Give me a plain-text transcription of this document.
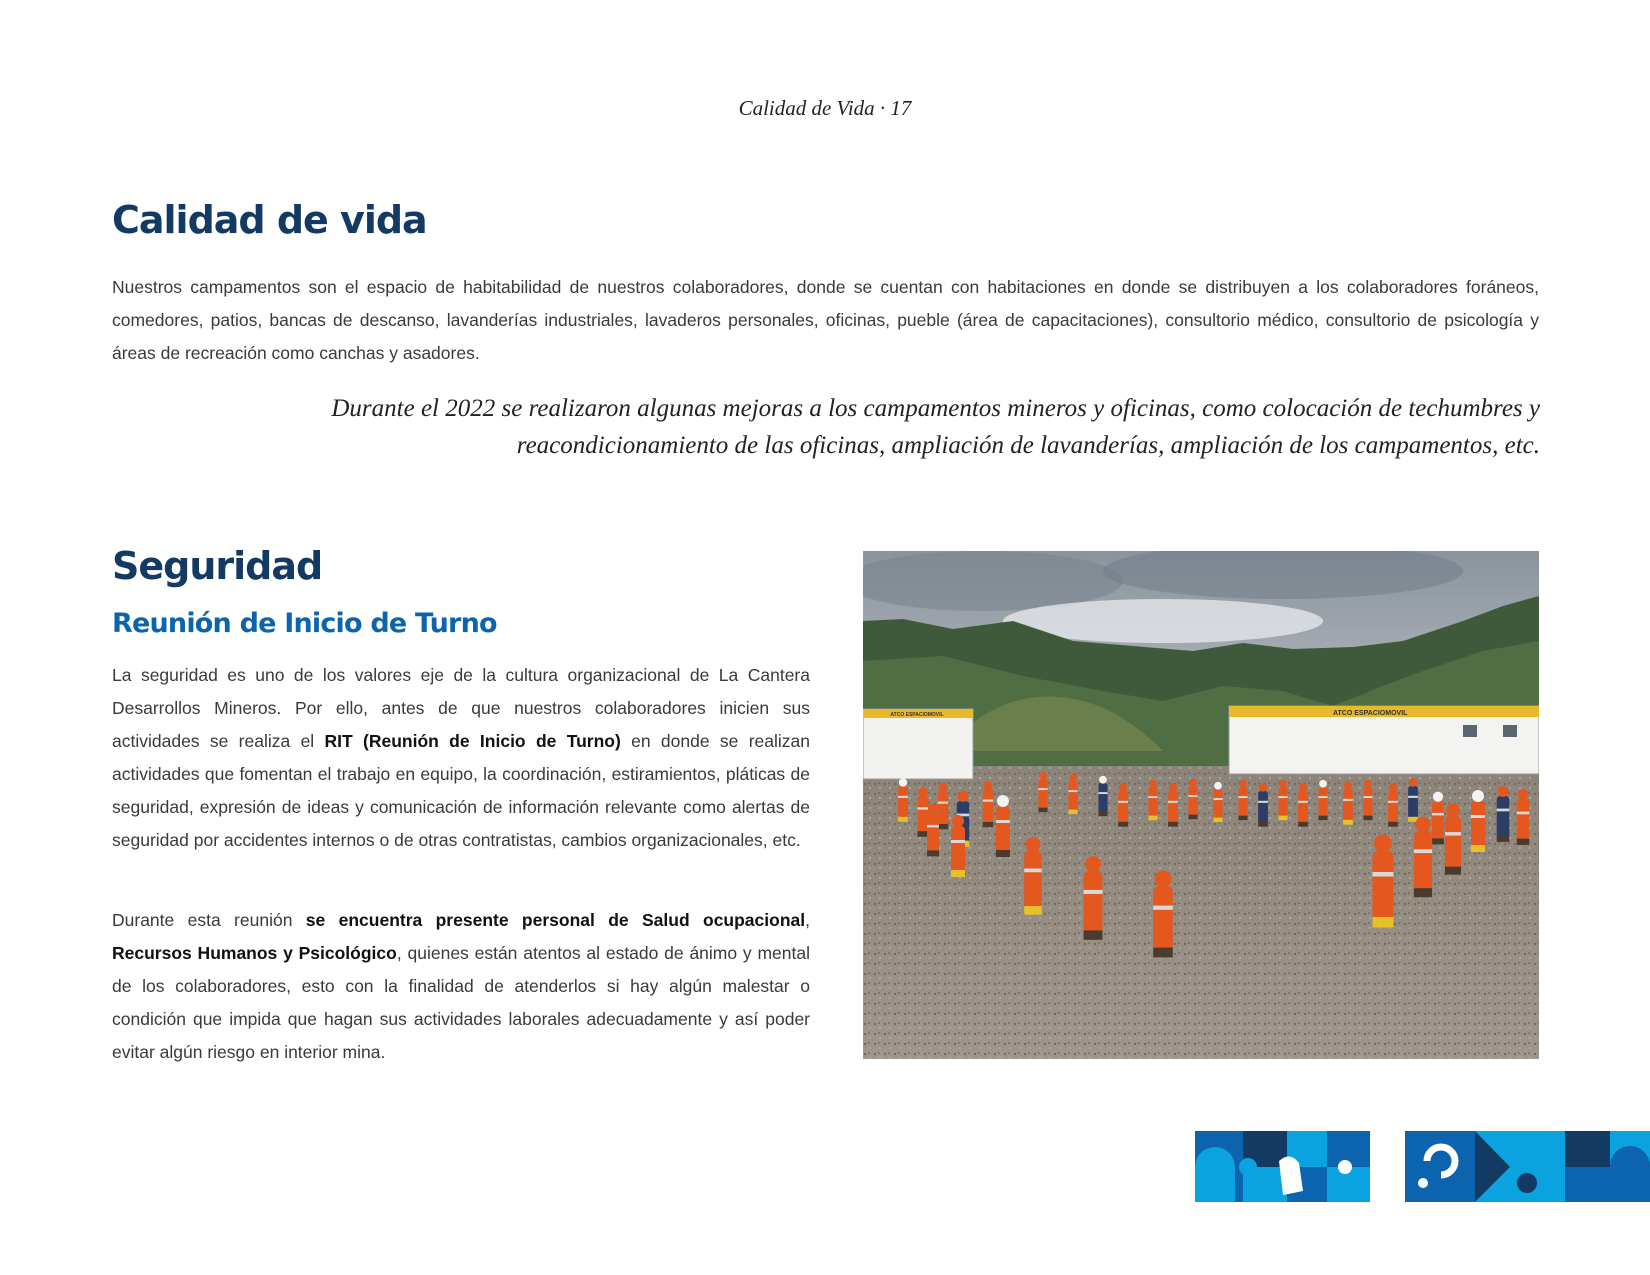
Calidad de Vida · 17
Calidad de vida

Nuestros campamentos son el espacio de habitabilidad de nuestros colaboradores, donde se cuentan con habitaciones en donde se distribuyen a los colaboradores foráneos, comedores, patios, bancas de descanso, lavanderías industriales, lavaderos personales, oficinas, pueble (área de capacitaciones), consultorio médico, consultorio de psicología y áreas de recreación como canchas y asadores.

Durante el 2022 se realizaron algunas mejoras a los campamentos mineros y oficinas, como colocación de techumbres y
reacondicionamiento de las oficinas, ampliación de lavanderías, ampliación de los campamentos, etc.

Seguridad
Reunión de Inicio de Turno

La seguridad es uno de los valores eje de la cultura organizacional de La Cantera Desarrollos Mineros. Por ello, antes de que nuestros colaboradores inicien sus actividades se realiza el RIT (Reunión de Inicio de Turno) en donde se realizan actividades que fomentan el trabajo en equipo, la coordinación, estiramientos, pláticas de seguridad, expresión de ideas y comunicación de información relevante como alertas de seguridad por accidentes internos o de otras contratistas, cambios organizacionales, etc.

Durante esta reunión se encuentra presente personal de Salud ocupacional, Recursos Humanos y Psicológico, quienes están atentos al estado de ánimo y mental de los colaboradores, esto con la finalidad de atenderlos si hay algún malestar o condición que impida que hagan sus actividades laborales adecuadamente y así poder evitar algún riesgo en interior mina.

ATCO ESPACIOMOVIL	ATCO ESPACIOMOVIL
